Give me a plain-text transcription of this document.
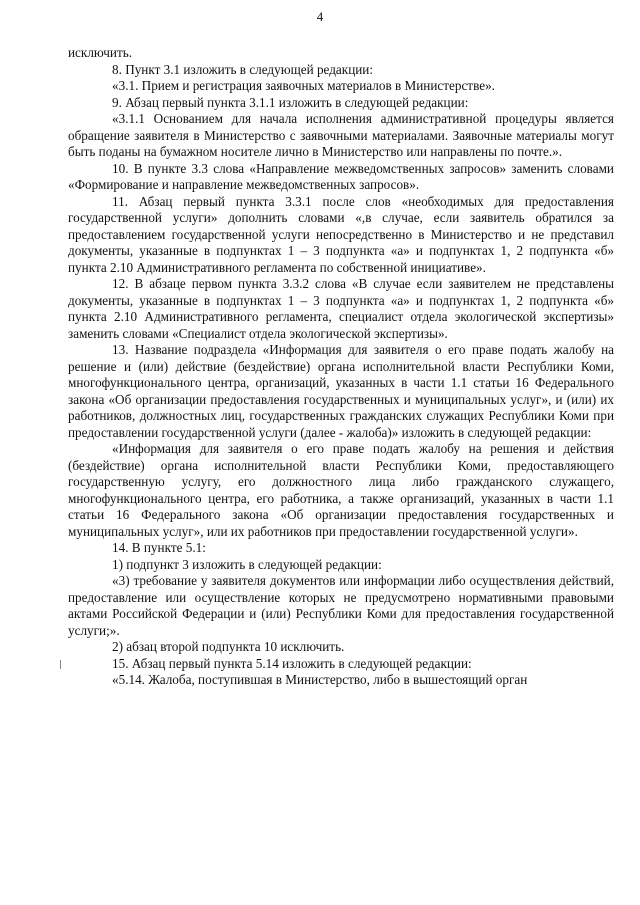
4

исключить.

8. Пункт 3.1 изложить в следующей редакции:

«3.1. Прием и регистрация заявочных материалов в Министерстве».

9. Абзац первый пункта 3.1.1 изложить в следующей редакции:

«3.1.1 Основанием для начала исполнения административной процедуры является обращение заявителя в Министерство с заявочными материалами. Заявочные материалы могут быть поданы на бумажном носителе лично в Министерство или направлены по почте.».

10. В пункте 3.3 слова «Направление межведомственных запросов» заменить словами «Формирование и направление межведомственных запросов».

11. Абзац первый пункта 3.3.1 после слов «необходимых для предоставления государственной услуги» дополнить словами «,в случае, если заявитель обратился за предоставлением государственной услуги непосредственно в Министерство и не представил документы, указанные в подпунктах 1 – 3 подпункта «а» и подпунктах 1, 2 подпункта «б» пункта 2.10 Административного регламента по собственной инициативе».

12. В абзаце первом пункта 3.3.2 слова «В случае если заявителем не представлены документы, указанные в подпунктах 1 – 3 подпункта «а» и подпунктах 1, 2 подпункта «б» пункта 2.10 Административного регламента, специалист отдела экологической экспертизы» заменить словами «Специалист отдела экологической экспертизы».

13. Название подраздела «Информация для заявителя о его праве подать жалобу на решение и (или) действие (бездействие) органа исполнительной власти Республики Коми, многофункционального центра, организаций, указанных в части 1.1 статьи 16 Федерального закона «Об организации предоставления государственных и муниципальных услуг», и (или) их работников, должностных лиц, государственных гражданских служащих Республики Коми при предоставлении государственной услуги (далее - жалоба)» изложить в следующей редакции:

«Информация для заявителя о его праве подать жалобу на решения и действия (бездействие) органа исполнительной власти Республики Коми, предоставляющего государственную услугу, его должностного лица либо гражданского служащего, многофункционального центра, его работника, а также организаций, указанных в части 1.1 статьи 16 Федерального закона «Об организации предоставления государственных и муниципальных услуг», или их работников при предоставлении государственной услуги».

14. В пункте 5.1:

1) подпункт 3 изложить в следующей редакции:

«3) требование у заявителя документов или информации либо осуществления действий, предоставление или осуществление которых не предусмотрено нормативными правовыми актами Российской Федерации и (или) Республики Коми для предоставления государственной услуги;».

2) абзац второй подпункта 10 исключить.

15. Абзац первый пункта 5.14 изложить в следующей редакции:

«5.14. Жалоба, поступившая в Министерство, либо в вышестоящий орган
